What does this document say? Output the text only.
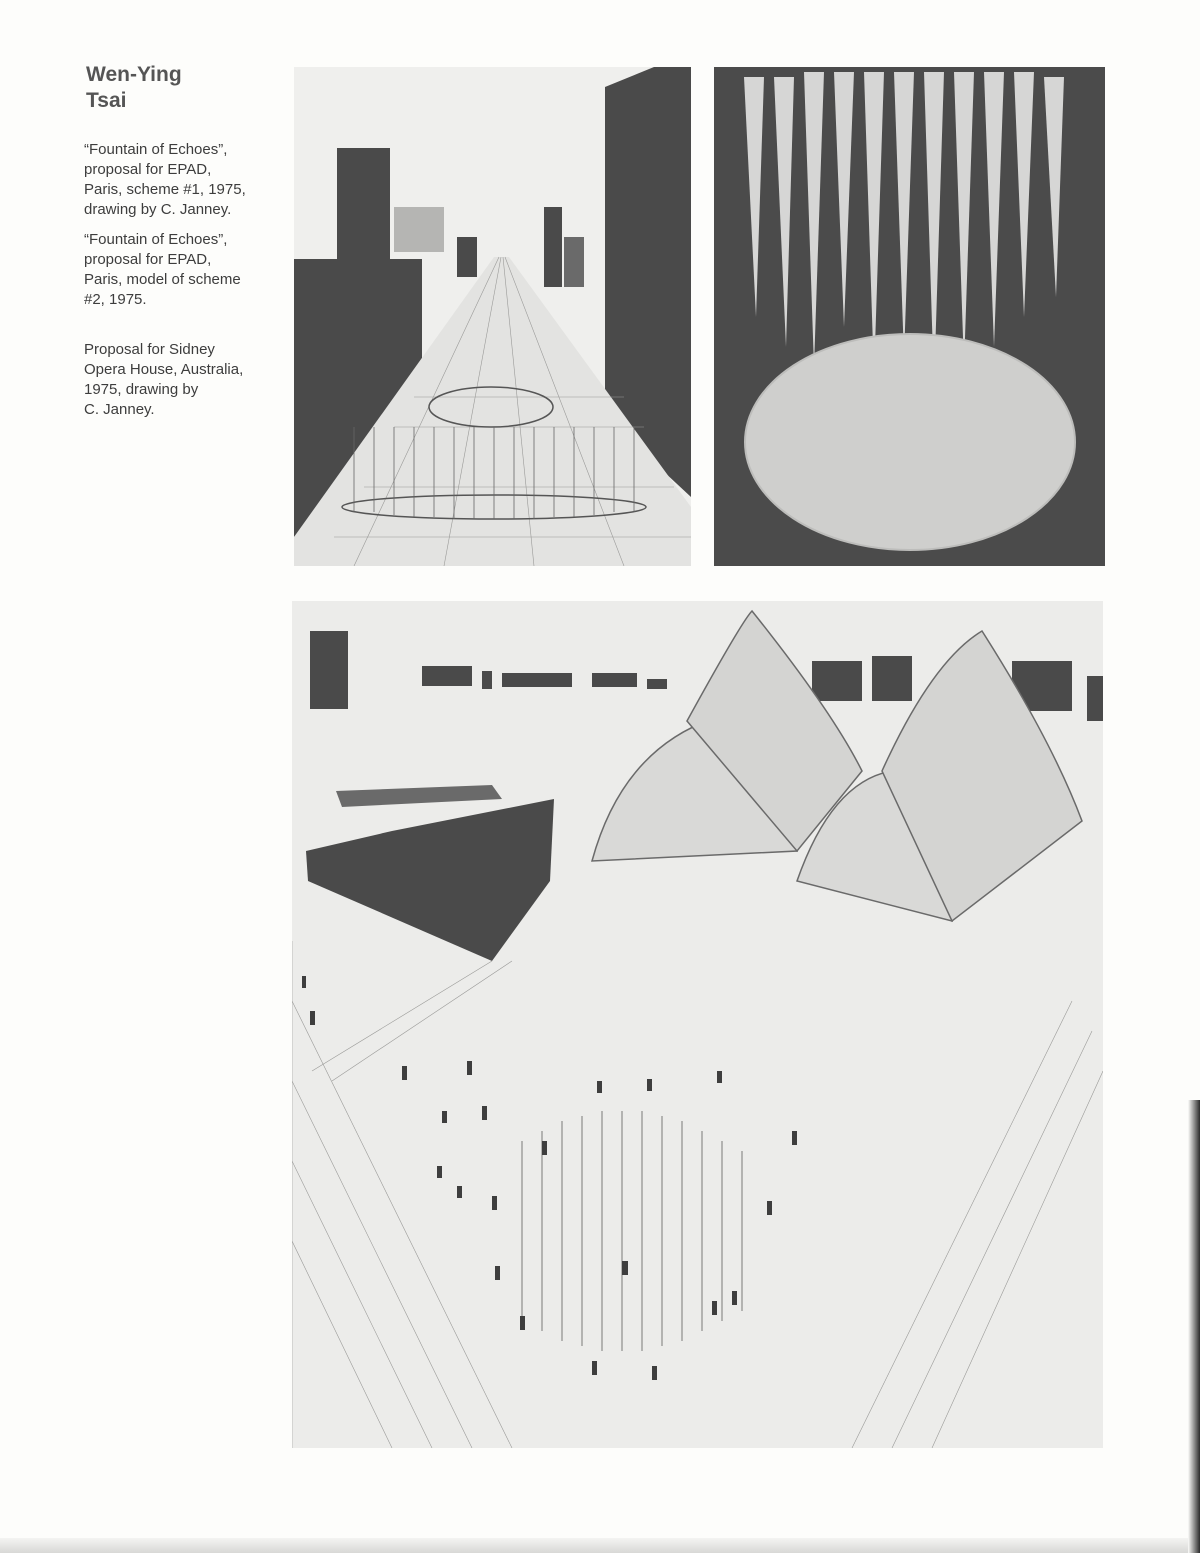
Wen-Ying
Tsai

“Fountain of Echoes”,
proposal for EPAD,
Paris, scheme #1, 1975,
drawing by C. Janney.

“Fountain of Echoes”,
proposal for EPAD,
Paris, model of scheme
#2, 1975.

Proposal for Sidney
Opera House, Australia,
1975, drawing by
C. Janney.
